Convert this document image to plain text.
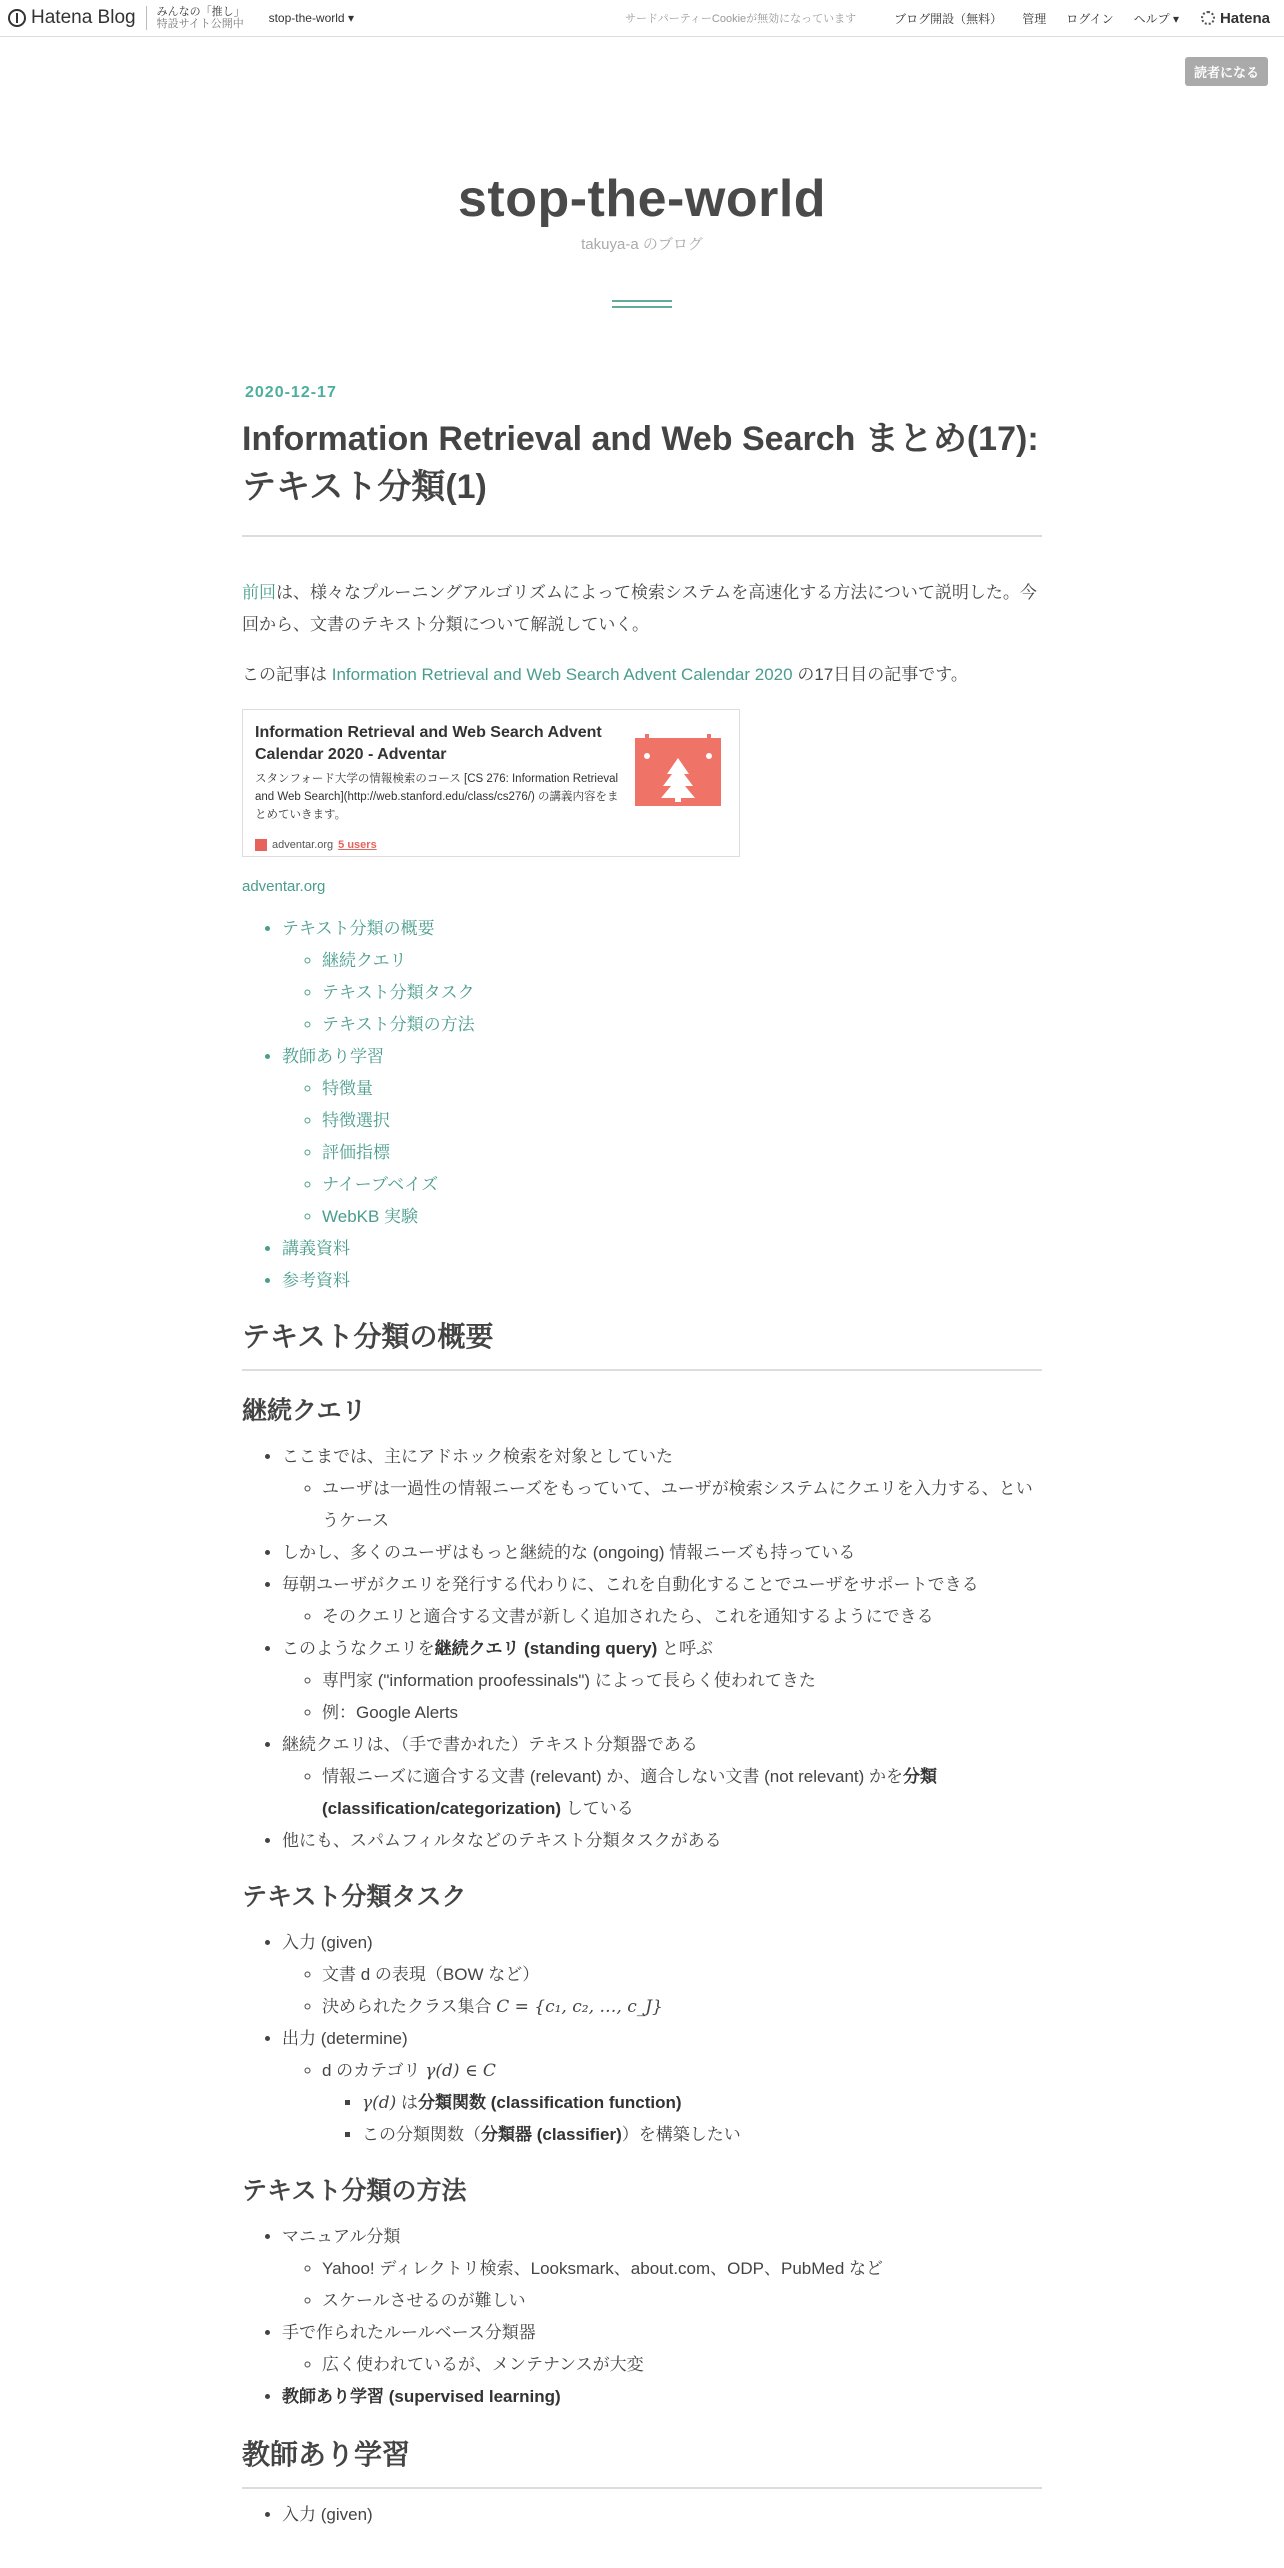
Hatena Blog みんなの「推し」
特設サイト公開中 stop-the-world ▾	サードパーティーCookieが無効になっています	ブログ開設（無料） 管理 ログイン ヘルプ ▾	Hatena
読者になる
stop-the-world
takuya-a のブログ
2020-12-17
Information Retrieval and Web Search まとめ(17): テキスト分類(1)

前回は、様々なプルーニングアルゴリズムによって検索システムを高速化する方法について説明した。今回から、文書のテキスト分類について解説していく。

この記事は Information Retrieval and Web Search Advent Calendar 2020 の17日目の記事です。

Information Retrieval and Web Search Advent Calendar 2020 - Adventar
スタンフォード大学の情報検索のコース [CS 276: Information Retrieval and Web Search](http://web.stanford.edu/class/cs276/) の講義内容をまとめていきます。
adventar.org 5 users
adventar.org
• テキスト分類の概要
◦ 継続クエリ
◦ テキスト分類タスク
◦ テキスト分類の方法
• 教師あり学習
◦ 特徴量
◦ 特徴選択
◦ 評価指標
◦ ナイーブベイズ
◦ WebKB 実験
• 講義資料
• 参考資料
テキスト分類の概要
継続クエリ
• ここまでは、主にアドホック検索を対象としていた
◦ ユーザは一過性の情報ニーズをもっていて、ユーザが検索システムにクエリを入力する、というケース
• しかし、多くのユーザはもっと継続的な (ongoing) 情報ニーズも持っている
• 毎朝ユーザがクエリを発行する代わりに、これを自動化することでユーザをサポートできる
◦ そのクエリと適合する文書が新しく追加されたら、これを通知するようにできる
• このようなクエリを継続クエリ (standing query) と呼ぶ
◦ 専門家 ("information proofessinals") によって長らく使われてきた
◦ 例：Google Alerts
• 継続クエリは、（手で書かれた）テキスト分類器である
◦ 情報ニーズに適合する文書 (relevant) か、適合しない文書 (not relevant) かを分類 (classification/categorization) している
• 他にも、スパムフィルタなどのテキスト分類タスクがある
テキスト分類タスク
• 入力 (given)
◦ 文書 d の表現（BOW など）
◦ 決められたクラス集合 C = {c₁, c₂, …, c_J}
• 出力 (determine)
◦ d のカテゴリ γ(d) ∈ C
▪ γ(d) は分類関数 (classification function)
▪ この分類関数（分類器 (classifier)）を構築したい
テキスト分類の方法
• マニュアル分類
◦ Yahoo! ディレクトリ検索、Looksmark、about.com、ODP、PubMed など
◦ スケールさせるのが難しい
• 手で作られたルールベース分類器
◦ 広く使われているが、メンテナンスが大変
• 教師あり学習 (supervised learning)
教師あり学習
• 入力 (given)
